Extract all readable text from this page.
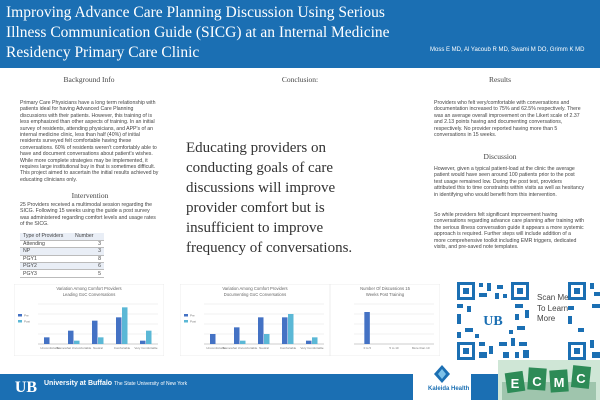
Improving Advance Care Planning Discussion Using Serious Illness Communication Guide (SICG) at an Internal Medicine Residency Primary Care Clinic	Moss E MD, Al Yacoub R MD, Swami M DO, Grimm K MD
Background Info
Primary Care Physicians have a long term relationship with patients ideal for having Advanced Care Planning discussions with their patients. However, this training of is less emphasized than other aspects of training. In an initial survey of residents, attending physicians, and APP's of an internal medicine clinic, less than half (40%) of initial residents surveyed felt comfortable having these conversations. 60% of residents weren't comfortably able to have and document conversations about patient's wishes. While more complete strategies may be implemented, it requires large institutional buy in that is sometimes difficult. This project aimed to ascertain the initial results achieved by educating clinicians only.
Intervention
25 Providers received a multimodal session regarding the SICG. Following 15 weeks using the guide a post survey was administered regarding comfort levels and usage rates of the SICG.
Type of Providers	Number
Attending	3
NP	3
PGY1	8
PGY2	6
PGY3	5
Conclusion:
Educating providers on conducting goals of care discussions will improve provider comfort but is insufficient to improve frequency of conversations.
Results
Providers who felt very/comfortable with conversations and documentation increased to 75% and 62.5% respectively. There was an average overall improvement on the Likert scale of 2.37 and 2.13 points having and documenting conversations, respectively. No provider reported having more than 5 conversations in 15 weeks.
Discussion
However, given a typical patient-load at the clinic the average patient would have seen around 100 patients prior to the post test usage remained low. During the post test, providers attributed this to time constraints within visits as well as hesitancy in identifying who would benefit from this intervention.
So while providers felt significant improvement having conversations regarding advance care planning after training with the serious illness conversation guide it appears a more systemic approach is required. Further steps will include addition of a more comprehensive toolkit including EMR triggers, dedicated visits, and pre-saved note templates.
Variation Among Comfort Providers
Leading GoC Conversations
Uncomfortable
Somewhat Uncomfortable Neutral	Comfortable Very Comfortable
Pre
Post
Variation Among Comfort Providers
Documenting GoC Conversations
Uncomfortable
Somewhat Uncomfortable Neutral	Comfortable Very Comfortable
Pre
Post
Number Of Discussions 15
Weeks Post Training
0 to 5	5 to 10	More than 10
UB
Scan Me To Learn More
UB University at Buffalo The State University of New York
Kaleida Health	E C M C
